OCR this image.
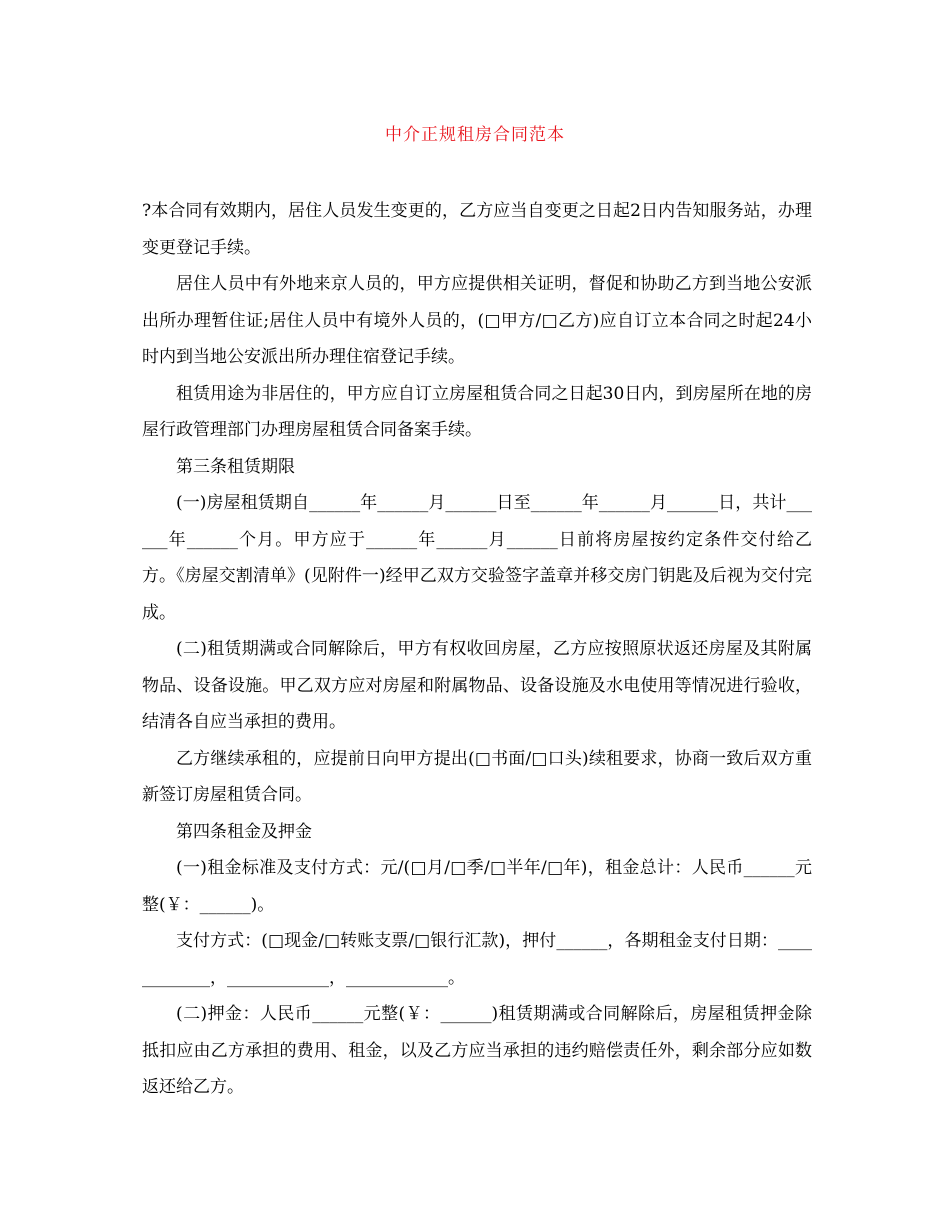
中介正规租房合同范本

?本合同有效期内，居住人员发生变更的，乙方应当自变更之日起2日内告知服务站，办理变更登记手续。

居住人员中有外地来京人员的，甲方应提供相关证明，督促和协助乙方到当地公安派出所办理暂住证;居住人员中有境外人员的，(□甲方/□乙方)应自订立本合同之时起24小时内到当地公安派出所办理住宿登记手续。

租赁用途为非居住的，甲方应自订立房屋租赁合同之日起30日内，到房屋所在地的房屋行政管理部门办理房屋租赁合同备案手续。

第三条租赁期限

(一)房屋租赁期自______年______月______日至______年______月______日，共计______年______个月。甲方应于______年______月______日前将房屋按约定条件交付给乙方。《房屋交割清单》(见附件一)经甲乙双方交验签字盖章并移交房门钥匙及后视为交付完成。

(二)租赁期满或合同解除后，甲方有权收回房屋，乙方应按照原状返还房屋及其附属物品、设备设施。甲乙双方应对房屋和附属物品、设备设施及水电使用等情况进行验收，结清各自应当承担的费用。

乙方继续承租的，应提前日向甲方提出(□书面/□口头)续租要求，协商一致后双方重新签订房屋租赁合同。

第四条租金及押金

(一)租金标准及支付方式：元/(□月/□季/□半年/□年)，租金总计：人民币______元整(￥：______)。

支付方式：(□现金/□转账支票/□银行汇款)，押付______，各期租金支付日期：____________，____________，____________。

(二)押金：人民币______元整(￥：______)租赁期满或合同解除后，房屋租赁押金除抵扣应由乙方承担的费用、租金，以及乙方应当承担的违约赔偿责任外，剩余部分应如数返还给乙方。
